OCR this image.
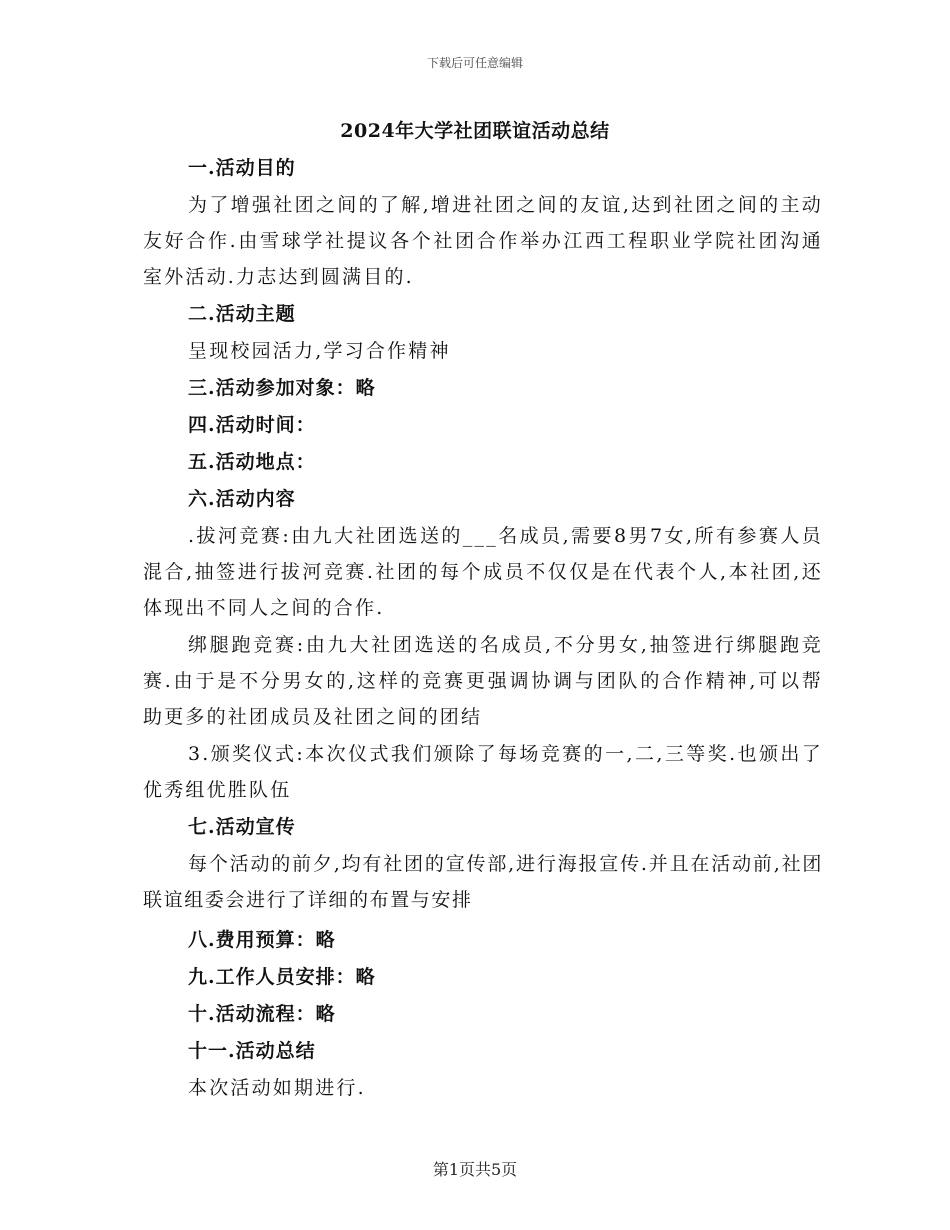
下载后可任意编辑
2024年大学社团联谊活动总结
一.活动目的
为了增强社团之间的了解,增进社团之间的友谊,达到社团之间的主动友好合作.由雪球学社提议各个社团合作举办江西工程职业学院社团沟通室外活动.力志达到圆满目的.
二.活动主题
呈现校园活力,学习合作精神
三.活动参加对象：略
四.活动时间：
五.活动地点：
六.活动内容
.拔河竞赛:由九大社团选送的___名成员,需要8男7女,所有参赛人员混合,抽签进行拔河竞赛.社团的每个成员不仅仅是在代表个人,本社团,还体现出不同人之间的合作.
绑腿跑竞赛:由九大社团选送的名成员,不分男女,抽签进行绑腿跑竞赛.由于是不分男女的,这样的竞赛更强调协调与团队的合作精神,可以帮助更多的社团成员及社团之间的团结
3.颁奖仪式:本次仪式我们颁除了每场竞赛的一,二,三等奖.也颁出了优秀组优胜队伍
七.活动宣传
每个活动的前夕,均有社团的宣传部,进行海报宣传.并且在活动前,社团联谊组委会进行了详细的布置与安排
八.费用预算：略
九.工作人员安排：略
十.活动流程：略
十一.活动总结
本次活动如期进行.
第1页共5页
